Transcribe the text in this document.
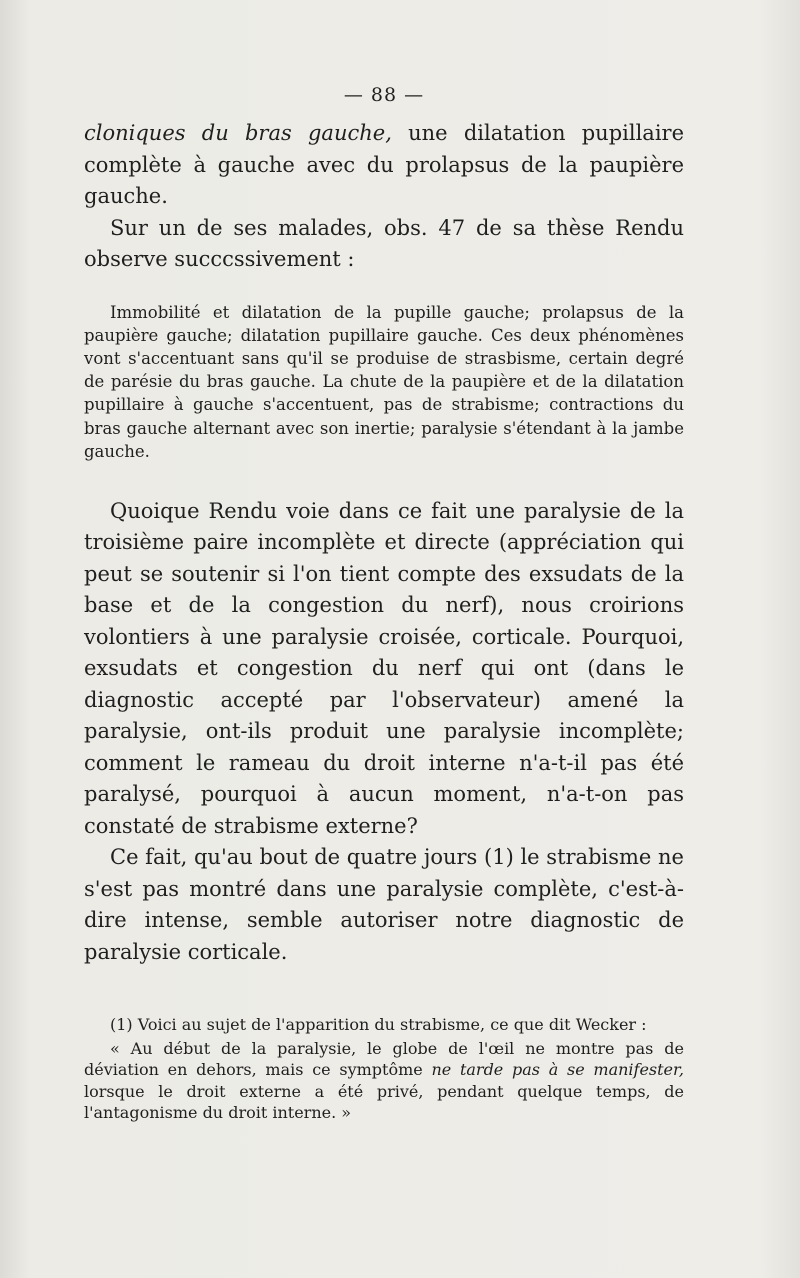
— 88 —

cloniques du bras gauche, une dilatation pupillaire complète à gauche avec du prolapsus de la paupière gauche.

Sur un de ses malades, obs. 47 de sa thèse Rendu observe succcssivement :

Immobilité et dilatation de la pupille gauche; prolapsus de la paupière gauche; dilatation pupillaire gauche. Ces deux phénomènes vont s'accentuant sans qu'il se produise de strasbisme, certain degré de parésie du bras gauche. La chute de la paupière et de la dilatation pupillaire à gauche s'accentuent, pas de strabisme; contractions du bras gauche alternant avec son inertie; paralysie s'étendant à la jambe gauche.

Quoique Rendu voie dans ce fait une paralysie de la troisième paire incomplète et directe (appréciation qui peut se soutenir si l'on tient compte des exsudats de la base et de la congestion du nerf), nous croirions volontiers à une paralysie croisée, corticale. Pourquoi, exsudats et congestion du nerf qui ont (dans le diagnostic accepté par l'observateur) amené la paralysie, ont-ils produit une paralysie incomplète; comment le rameau du droit interne n'a-t-il pas été paralysé, pourquoi à aucun moment, n'a-t-on pas constaté de strabisme externe?

Ce fait, qu'au bout de quatre jours (1) le strabisme ne s'est pas montré dans une paralysie complète, c'est-à-dire intense, semble autoriser notre diagnostic de paralysie corticale.

(1) Voici au sujet de l'apparition du strabisme, ce que dit Wecker :

« Au début de la paralysie, le globe de l'œil ne montre pas de déviation en dehors, mais ce symptôme ne tarde pas à se manifester, lorsque le droit externe a été privé, pendant quelque temps, de l'antagonisme du droit interne. »
